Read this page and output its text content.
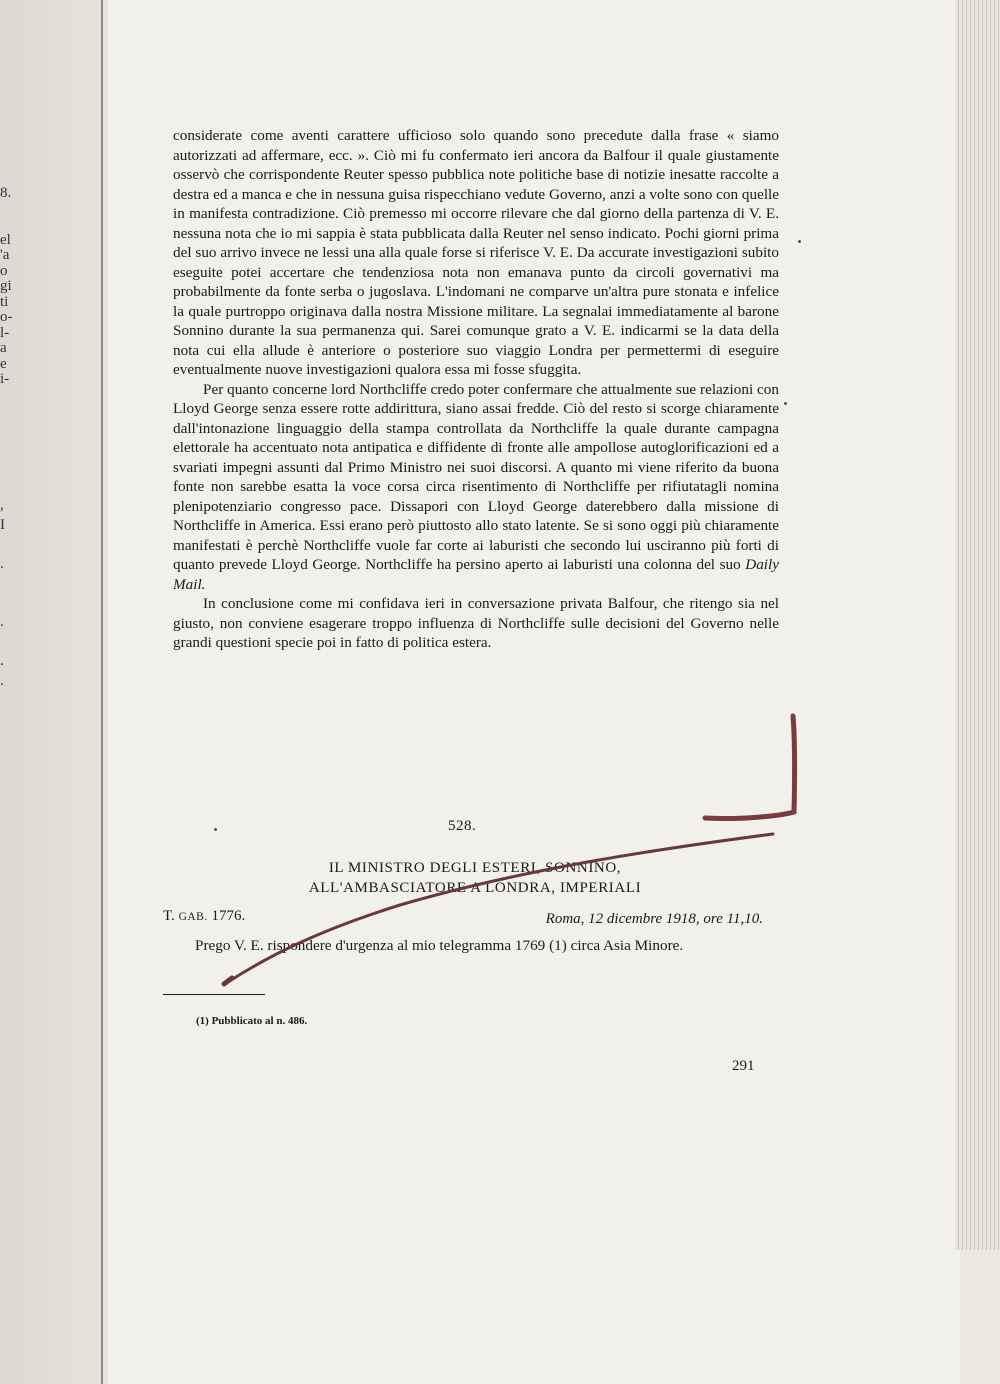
8.
el
'a
o
gi
ti
o-
l-
a
e
i-
,
I
.
.
.
.

considerate come aventi carattere ufficioso solo quando sono precedute dalla frase « siamo autorizzati ad affermare, ecc. ». Ciò mi fu confermato ieri ancora da Balfour il quale giustamente osservò che corrispondente Reuter spesso pubblica note politiche base di notizie inesatte raccolte a destra ed a manca e che in nessuna guisa rispecchiano vedute Governo, anzi a volte sono con quelle in manifesta contradizione. Ciò premesso mi occorre rilevare che dal giorno della partenza di V. E. nessuna nota che io mi sappia è stata pubblicata dalla Reuter nel senso indicato. Pochi giorni prima del suo arrivo invece ne lessi una alla quale forse si riferisce V. E. Da accurate investigazioni subito eseguite potei accertare che tendenziosa nota non emanava punto da circoli governativi ma probabilmente da fonte serba o jugoslava. L'indomani ne comparve un'altra pure stonata e infelice la quale purtroppo originava dalla nostra Missione militare. La segnalai immediatamente al barone Sonnino durante la sua permanenza qui. Sarei comunque grato a V. E. indicarmi se la data della nota cui ella allude è anteriore o posteriore suo viaggio Londra per permettermi di eseguire eventualmente nuove investigazioni qualora essa mi fosse sfuggita.

Per quanto concerne lord Northcliffe credo poter confermare che attualmente sue relazioni con Lloyd George senza essere rotte addirittura, siano assai fredde. Ciò del resto si scorge chiaramente dall'intonazione linguaggio della stampa controllata da Northcliffe la quale durante campagna elettorale ha accentuato nota antipatica e diffidente di fronte alle ampollose autoglorificazioni ed a svariati impegni assunti dal Primo Ministro nei suoi discorsi. A quanto mi viene riferito da buona fonte non sarebbe esatta la voce corsa circa risentimento di Northcliffe per rifiutatagli nomina plenipotenziario congresso pace. Dissapori con Lloyd George daterebbero dalla missione di Northcliffe in America. Essi erano però piuttosto allo stato latente. Se si sono oggi più chiaramente manifestati è perchè Northcliffe vuole far corte ai laburisti che secondo lui usciranno più forti di quanto prevede Lloyd George. Northcliffe ha persino aperto ai laburisti una colonna del suo Daily Mail.

In conclusione come mi confidava ieri in conversazione privata Balfour, che ritengo sia nel giusto, non conviene esagerare troppo influenza di Northcliffe sulle decisioni del Governo nelle grandi questioni specie poi in fatto di politica estera.

528.
IL MINISTRO DEGLI ESTERI, SONNINO,
ALL'AMBASCIATORE A LONDRA, IMPERIALI
T. GAB. 1776.	Roma, 12 dicembre 1918, ore 11,10.

Prego V. E. rispondere d'urgenza al mio telegramma 1769 (1) circa Asia Minore.

(1) Pubblicato al n. 486.
291
